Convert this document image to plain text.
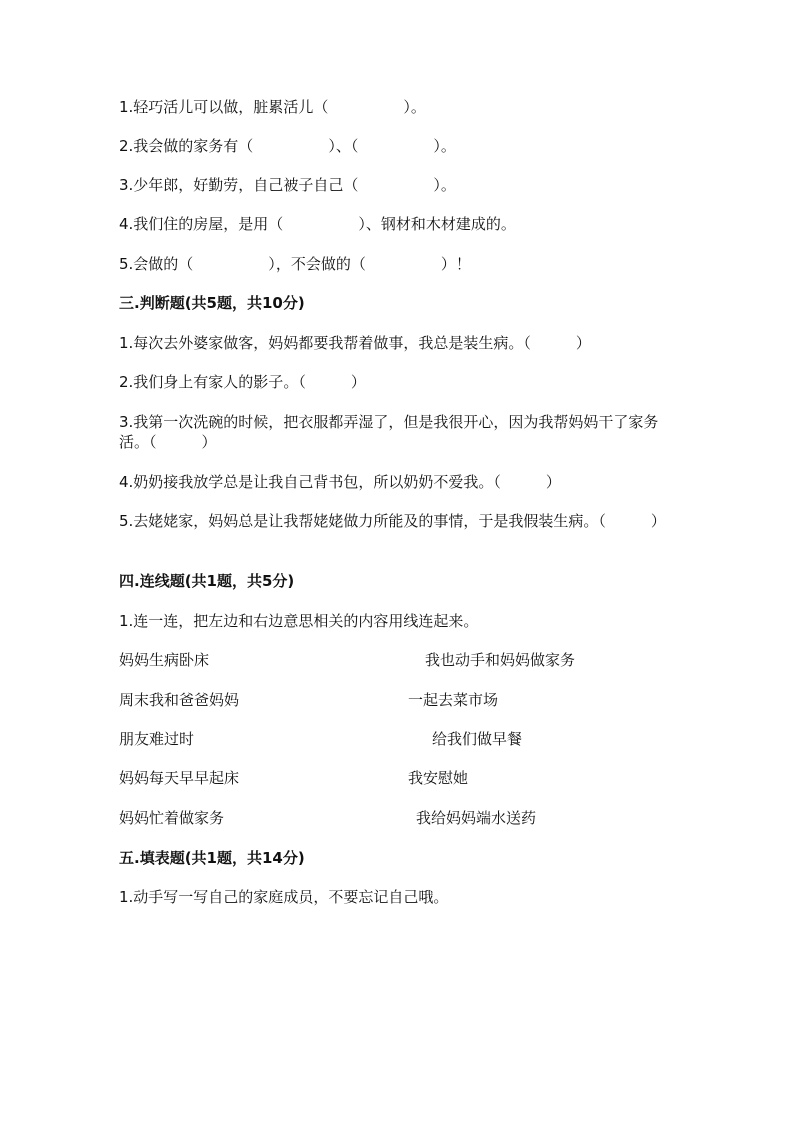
1.轻巧活儿可以做，脏累活儿（　　　　　）。
2.我会做的家务有（　　　　　）、（　　　　　）。
3.少年郎，好勤劳，自己被子自己（　　　　　）。
4.我们住的房屋，是用（　　　　　）、钢材和木材建成的。
5.会做的（　　　　　），不会做的（　　　　　）！
三.判断题(共5题，共10分)
1.每次去外婆家做客，妈妈都要我帮着做事，我总是装生病。（　　　）
2.我们身上有家人的影子。（　　　）
3.我第一次洗碗的时候，把衣服都弄湿了，但是我很开心，因为我帮妈妈干了家务活。（　　　）
4.奶奶接我放学总是让我自己背书包，所以奶奶不爱我。（　　　）
5.去姥姥家，妈妈总是让我帮姥姥做力所能及的事情，于是我假装生病。（　　　）
四.连线题(共1题，共5分)
1.连一连，把左边和右边意思相关的内容用线连起来。
妈妈生病卧床	我也动手和妈妈做家务
周末我和爸爸妈妈	一起去菜市场
朋友难过时	给我们做早餐
妈妈每天早早起床	我安慰她
妈妈忙着做家务	我给妈妈端水送药
五.填表题(共1题，共14分)
1.动手写一写自己的家庭成员，不要忘记自己哦。
